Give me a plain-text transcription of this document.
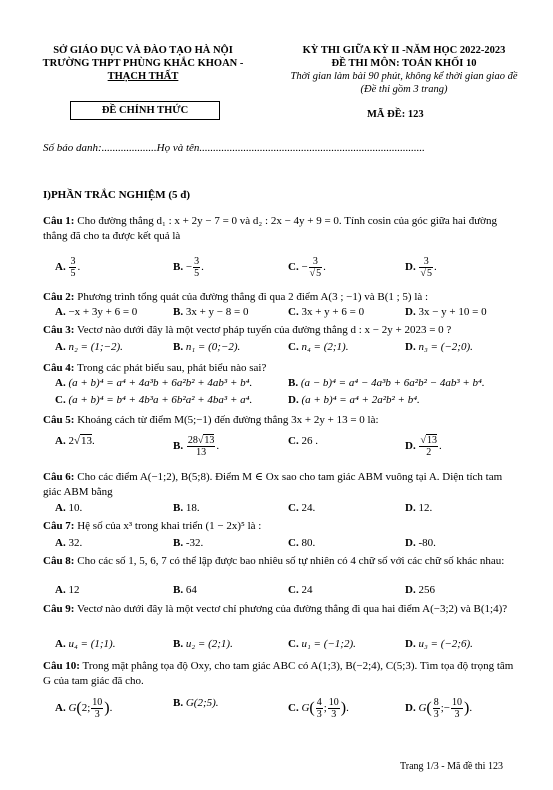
SỞ GIÁO DỤC VÀ ĐÀO TẠO HÀ NỘI
TRƯỜNG THPT PHÙNG KHẮC KHOAN -
THẠCH THẤT
ĐỀ CHÍNH THỨC
KỲ THI GIỮA KỲ II -NĂM HỌC 2022-2023
ĐỀ THI MÔN: TOÁN KHỐI 10
Thời gian làm bài 90 phút, không kể thời gian giao đề
(Đề thi gồm 3 trang)
MÃ ĐỀ: 123
Số báo danh:....................Họ và tên..................................................................................
I)PHẦN TRẮC NGHIỆM (5 đ)
Câu 1: Cho đường thẳng d₁ : x + 2y − 7 = 0 và d₂ : 2x − 4y + 9 = 0. Tính cosin của góc giữa hai đường thẳng đã cho ta được kết quả là
A. $\frac{3}{5}$ .	B. − $\frac{3}{5}$ .	C. − $\frac{3}{√5}$ .	D. $\frac{3}{√5}$ .
Câu 2: Phương trình tổng quát của đường thẳng đi qua 2 điểm A(3 ; −1) và B(1 ; 5) là :
A. −x + 3y + 6 = 0	B. 3x + y − 8 = 0	C. 3x + y + 6 = 0	D. 3x − y + 10 = 0
Câu 3: Vectơ nào dưới đây là một vectơ pháp tuyến của đường thẳng d : x − 2y + 2023 = 0 ?
A. n₂ = (1;−2).	B. n₁ = (0;−2).	C. n₄ = (2;1).	D. n₃ = (−2;0).
Câu 4: Trong các phát biểu sau, phát biểu nào sai?
A. (a + b)⁴ = a⁴ + 4a³b + 6a²b² + 4ab³ + b⁴.	B. (a − b)⁴ = a⁴ − 4a³b + 6a²b² − 4ab³ + b⁴.
C. (a + b)⁴ = b⁴ + 4b³a + 6b²a² + 4ba³ + a⁴.	D. (a + b)⁴ = a⁴ + 2a²b² + b⁴.
Câu 5: Khoảng cách từ điểm M(5;−1) đến đường thẳng 3x + 2y + 13 = 0 là:
A. 2√13.	B. $\frac{28√13}{13}$ .	C. 26 .	D. $\frac{√13}{2}$ .
Câu 6: Cho các điểm A(−1;2), B(5;8). Điểm M ∈ Ox sao cho tam giác ABM vuông tại A. Diện tích tam giác ABM bằng
A. 10.	B. 18.	C. 24.	D. 12.
Câu 7: Hệ số của x³ trong khai triển (1 − 2x)⁵ là :
A. 32.	B. -32.	C. 80.	D. -80.
Câu 8: Cho các số 1, 5, 6, 7 có thể lập được bao nhiêu số tự nhiên có 4 chữ số với các chữ số khác nhau:
A. 12	B. 64	C. 24	D. 256
Câu 9: Vectơ nào dưới đây là một vectơ chỉ phương của đường thẳng đi qua hai điểm A(−3;2) và B(1;4)?
A. u₄ = (1;1).	B. u₂ = (2;1).	C. u₁ = (−1;2).	D. u₃ = (−2;6).
Câu 10: Trong mặt phẳng tọa độ Oxy, cho tam giác ABC có A(1;3), B(−2;4), C(5;3). Tìm tọa độ trọng tâm G của tam giác đã cho.
A. G(2; $\frac{10}{3}$ ).	B. G(2;5).	C. $G( \frac{4}{3}$ ; $\frac{10}{3}$ ).	D. $G( \frac{8}{3}$ ;− $\frac{10}{3}$ ).
Trang 1/3 - Mã đề thi 123
